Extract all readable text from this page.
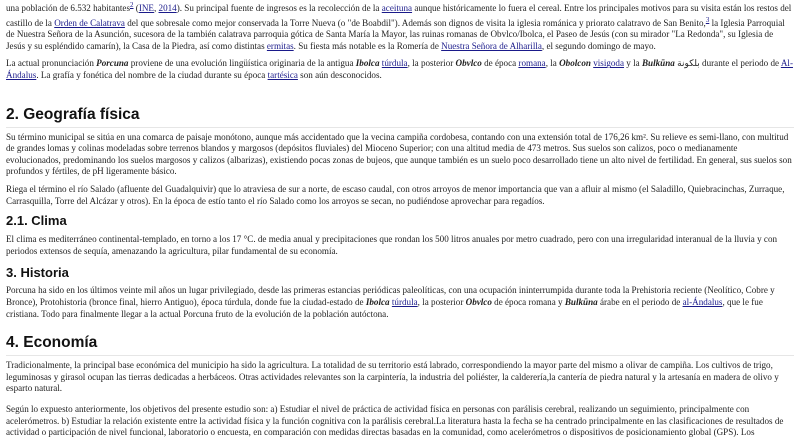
una población de 6.532 habitantes$^2$ (INE, 2014). Su principal fuente de ingresos es la recolección de la aceituna aunque históricamente lo fuera el cereal. Entre los principales motivos para su visita están los restos del castillo de la Orden de Calatrava del que sobresale como mejor conservada la Torre Nueva (o "de Boabdil"). Además son dignos de visita la iglesia románica y priorato calatravo de San Benito,$^3$ la Iglesia Parroquial de Nuestra Señora de la Asunción, sucesora de la también calatrava parroquia gótica de Santa María la Mayor, las ruinas romanas de Obvlco/Ibolca, el Paseo de Jesús (con su mirador "La Redonda", su Iglesia de Jesús y su espléndido camarín), la Casa de la Piedra, así como distintas ermitas. Su fiesta más notable es la Romería de Nuestra Señora de Alharilla, el segundo domingo de mayo.

La actual pronunciación Porcuna proviene de una evolución lingüística originaria de la antigua Ibolca túrdula, la posterior Obvlco de época romana, la Obolcon visigoda y la Bulkūna بلكونة durante el periodo de Al-Ándalus. La grafía y fonética del nombre de la ciudad durante su época tartésica son aún desconocidos.

2. Geografía física

Su término municipal se sitúa en una comarca de paisaje monótono, aunque más accidentado que la vecina campiña cordobesa, contando con una extensión total de 176,26 km². Su relieve es semi-llano, con multitud de grandes lomas y colinas modeladas sobre terrenos blandos y margosos (depósitos fluviales) del Mioceno Superior; con una altitud media de 473 metros. Sus suelos son calizos, poco o medianamente evolucionados, predominando los suelos margosos y calizos (albarizas), existiendo pocas zonas de bujeos, que aunque también es un suelo poco desarrollado tiene un alto nivel de fertilidad. En general, sus suelos son profundos y fértiles, de pH ligeramente básico.

Riega el término el río Salado (afluente del Guadalquivir) que lo atraviesa de sur a norte, de escaso caudal, con otros arroyos de menor importancia que van a afluir al mismo (el Saladillo, Quiebracinchas, Zurraque, Carrasquilla, Torre del Alcázar y otros). En la época de estío tanto el río Salado como los arroyos se secan, no pudiéndose aprovechar para regadíos.

2.1. Clima

El clima es mediterráneo continental-templado, en torno a los 17 °C. de media anual y precipitaciones que rondan los 500 litros anuales por metro cuadrado, pero con una irregularidad interanual de la lluvia y con periodos extensos de sequía, amenazando la agricultura, pilar fundamental de su economía.

3. Historia

Porcuna ha sido en los últimos veinte mil años un lugar privilegiado, desde las primeras estancias periódicas paleolíticas, con una ocupación ininterrumpida durante toda la Prehistoria reciente (Neolítico, Cobre y Bronce), Protohistoria (bronce final, hierro Antiguo), época túrdula, donde fue la ciudad-estado de Ibolca túrdula, la posterior Obvlco de época romana y Bulkūna árabe en el periodo de al-Ándalus, que le fue cristiana. Todo para finalmente llegar a la actual Porcuna fruto de la evolución de la población autóctona.

4. Economía

Tradicionalmente, la principal base económica del municipio ha sido la agricultura. La totalidad de su territorio está labrado, correspondiendo la mayor parte del mismo a olivar de campiña. Los cultivos de trigo, leguminosas y girasol ocupan las tierras dedicadas a herbáceos. Otras actividades relevantes son la carpintería, la industria del poliéster, la calderería,la cantería de piedra natural y la artesanía en madera de olivo y esparto natural.

Según lo expuesto anteriormente, los objetivos del presente estudio son: a) Estudiar el nivel de práctica de actividad física en personas con parálisis cerebral, realizando un seguimiento, principalmente con acelerómetros. b) Estudiar la relación existente entre la actividad física y la función cognitiva con la parálisis cerebral.La literatura hasta la fecha se ha centrado principalmente en las clasificaciones de resultados de actividad o participación de nivel funcional, laboratorio o encuesta, en comparación con medidas directas basadas en la comunidad, como acelerómetros o dispositivos de posicionamiento global (GPS). Los
